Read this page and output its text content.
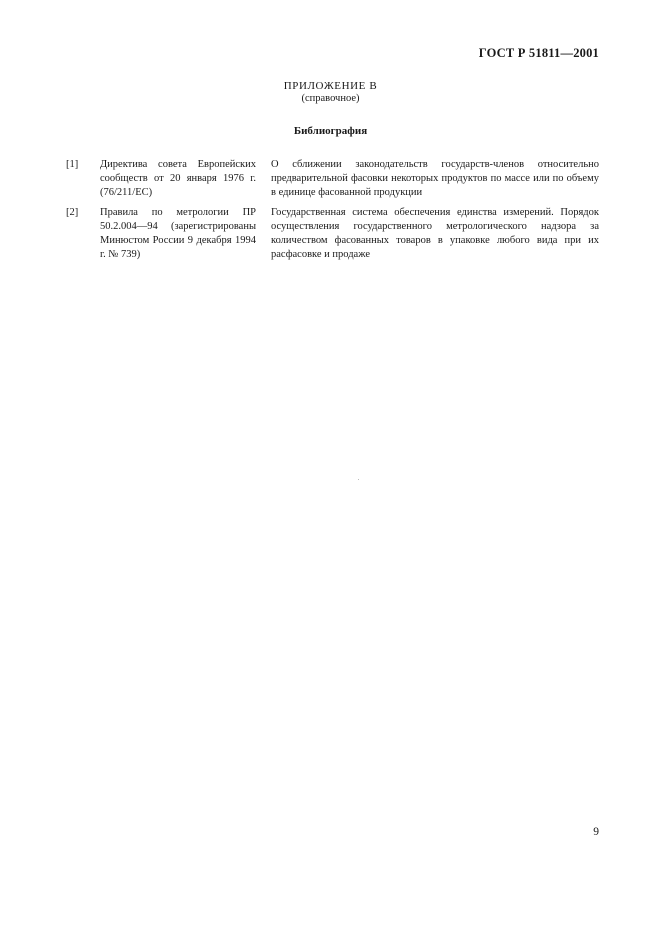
ГОСТ Р 51811—2001
ПРИЛОЖЕНИЕ В
(справочное)
Библиография
[1]	Директива совета Европейских сообществ от 20 января 1976 г. (76/211/ЕС)
О сближении законодательств государств-членов относительно предварительной фасовки некоторых продуктов по массе или по объему в единице фасованной продукции
[2]	Правила по метрологии ПР 50.2.004—94 (зарегистрированы Минюстом России 9 декабря 1994 г. № 739)
Государственная система обеспечения единства измерений. Порядок осуществления государственного метрологического надзора за количеством фасованных товаров в упаковке любого вида при их расфасовке и продаже
9
